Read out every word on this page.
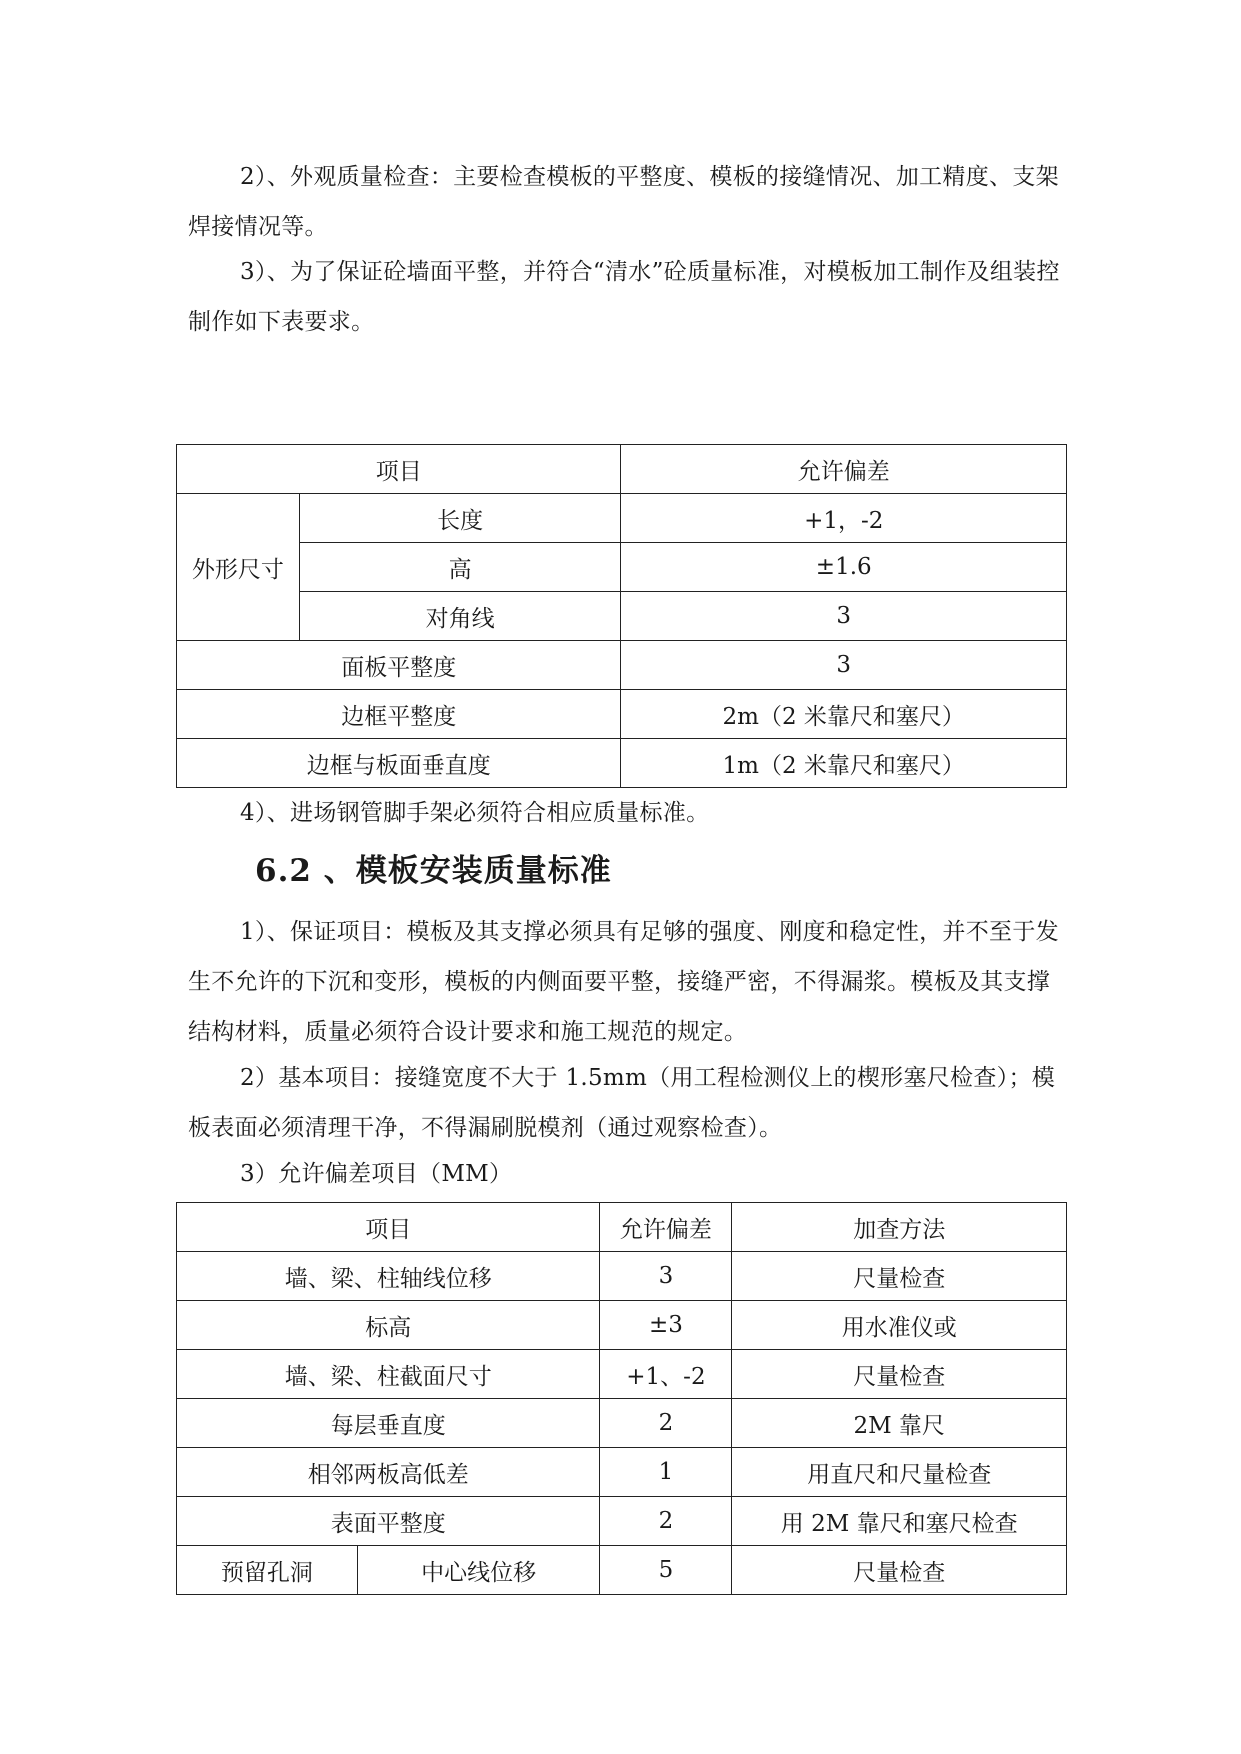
2）、外观质量检查：主要检查模板的平整度、模板的接缝情况、加工精度、支架焊接情况等。

3）、为了保证砼墙面平整，并符合“清水”砼质量标准，对模板加工制作及组装控制作如下表要求。

项目		允许偏差
外形尺寸	长度	+1，-2
	高	±1.6
	对角线	3
面板平整度		3
边框平整度		2m（2 米靠尺和塞尺）
边框与板面垂直度		1m（2 米靠尺和塞尺）

4）、进场钢管脚手架必须符合相应质量标准。

6.2 、模板安装质量标准

1）、保证项目：模板及其支撑必须具有足够的强度、刚度和稳定性，并不至于发生不允许的下沉和变形，模板的内侧面要平整，接缝严密，不得漏浆。模板及其支撑结构材料，质量必须符合设计要求和施工规范的规定。

2）基本项目：接缝宽度不大于 1.5mm（用工程检测仪上的楔形塞尺检查）；模板表面必须清理干净，不得漏刷脱模剂（通过观察检查）。

3）允许偏差项目（MM）

项目		允许偏差	加查方法
墙、梁、柱轴线位移		3	尺量检查
标高		±3	用水准仪或
墙、梁、柱截面尺寸		+1、-2	尺量检查
每层垂直度		2	2M 靠尺
相邻两板高低差		1	用直尺和尺量检查
表面平整度		2	用 2M 靠尺和塞尺检查
预留孔洞	中心线位移	5	尺量检查
